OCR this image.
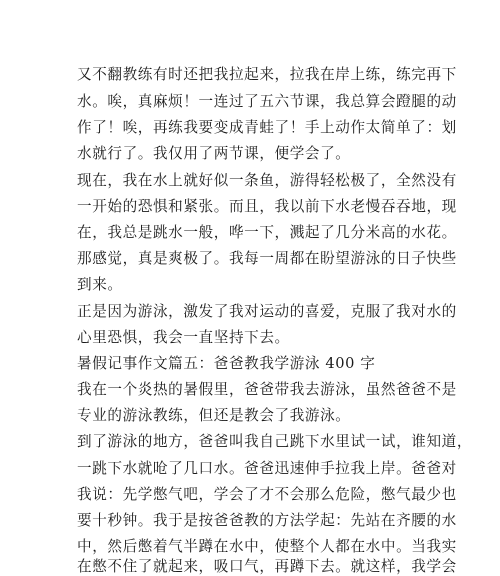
又不翻教练有时还把我拉起来，拉我在岸上练，练完再下
水。唉，真麻烦！一连过了五六节课，我总算会蹬腿的动
作了！唉，再练我要变成青蛙了！手上动作太简单了：划
水就行了。我仅用了两节课，便学会了。
现在，我在水上就好似一条鱼，游得轻松极了，全然没有
一开始的恐惧和紧张。而且，我以前下水老慢吞吞地，现
在，我总是跳水一般，哗一下，溅起了几分米高的水花。
那感觉，真是爽极了。我每一周都在盼望游泳的日子快些
到来。
正是因为游泳，激发了我对运动的喜爱，克服了我对水的
心里恐惧，我会一直坚持下去。
暑假记事作文篇五：爸爸教我学游泳 400 字
我在一个炎热的暑假里，爸爸带我去游泳，虽然爸爸不是
专业的游泳教练，但还是教会了我游泳。
到了游泳的地方，爸爸叫我自己跳下水里试一试，谁知道，
一跳下水就呛了几口水。爸爸迅速伸手拉我上岸。爸爸对
我说：先学憋气吧，学会了才不会那么危险，憋气最少也
要十秒钟。我于是按爸爸教的方法学起：先站在齐腰的水
中，然后憋着气半蹲在水中，使整个人都在水中。当我实
在憋不住了就起来，吸口气，再蹲下去。就这样，我学会
